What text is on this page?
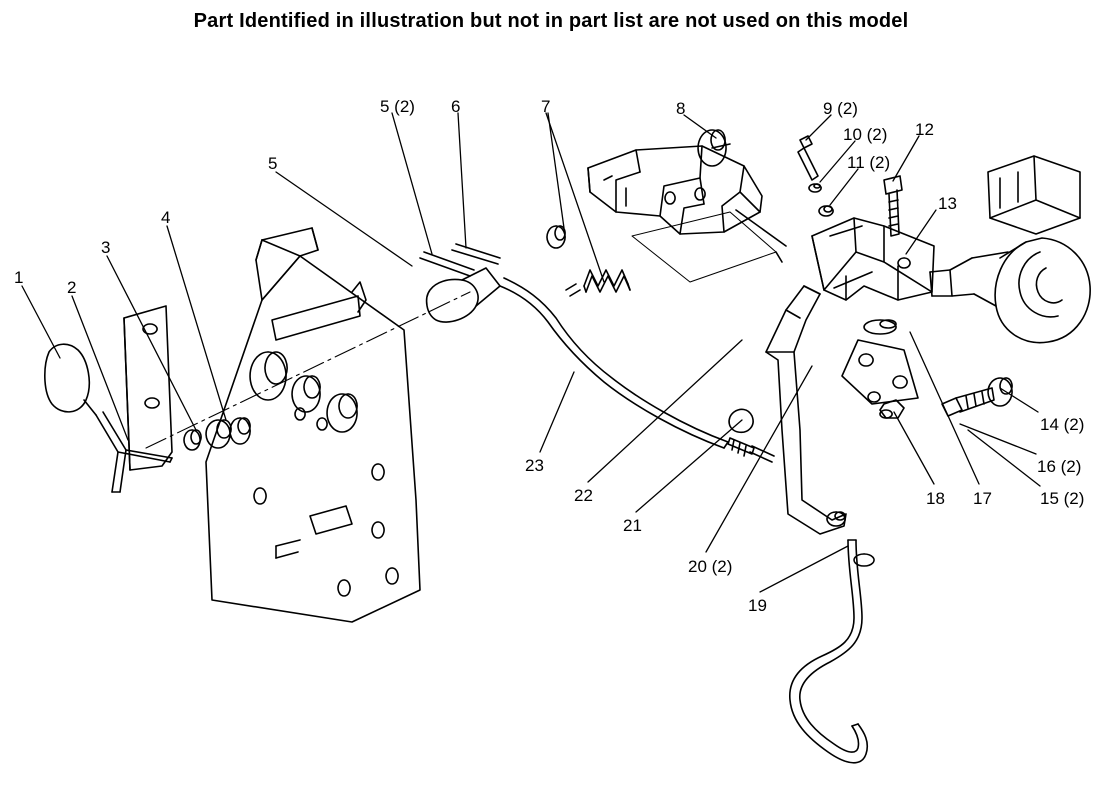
Part Identified in illustration but not in part list are not used on this model
1
2
3
4
5
5 (2) 6	7	8	9 (2)
10 (2)
11 (2)
12
13
14 (2)
15 (2)
16 (2)
17
18
19
20 (2)
21
22
23
